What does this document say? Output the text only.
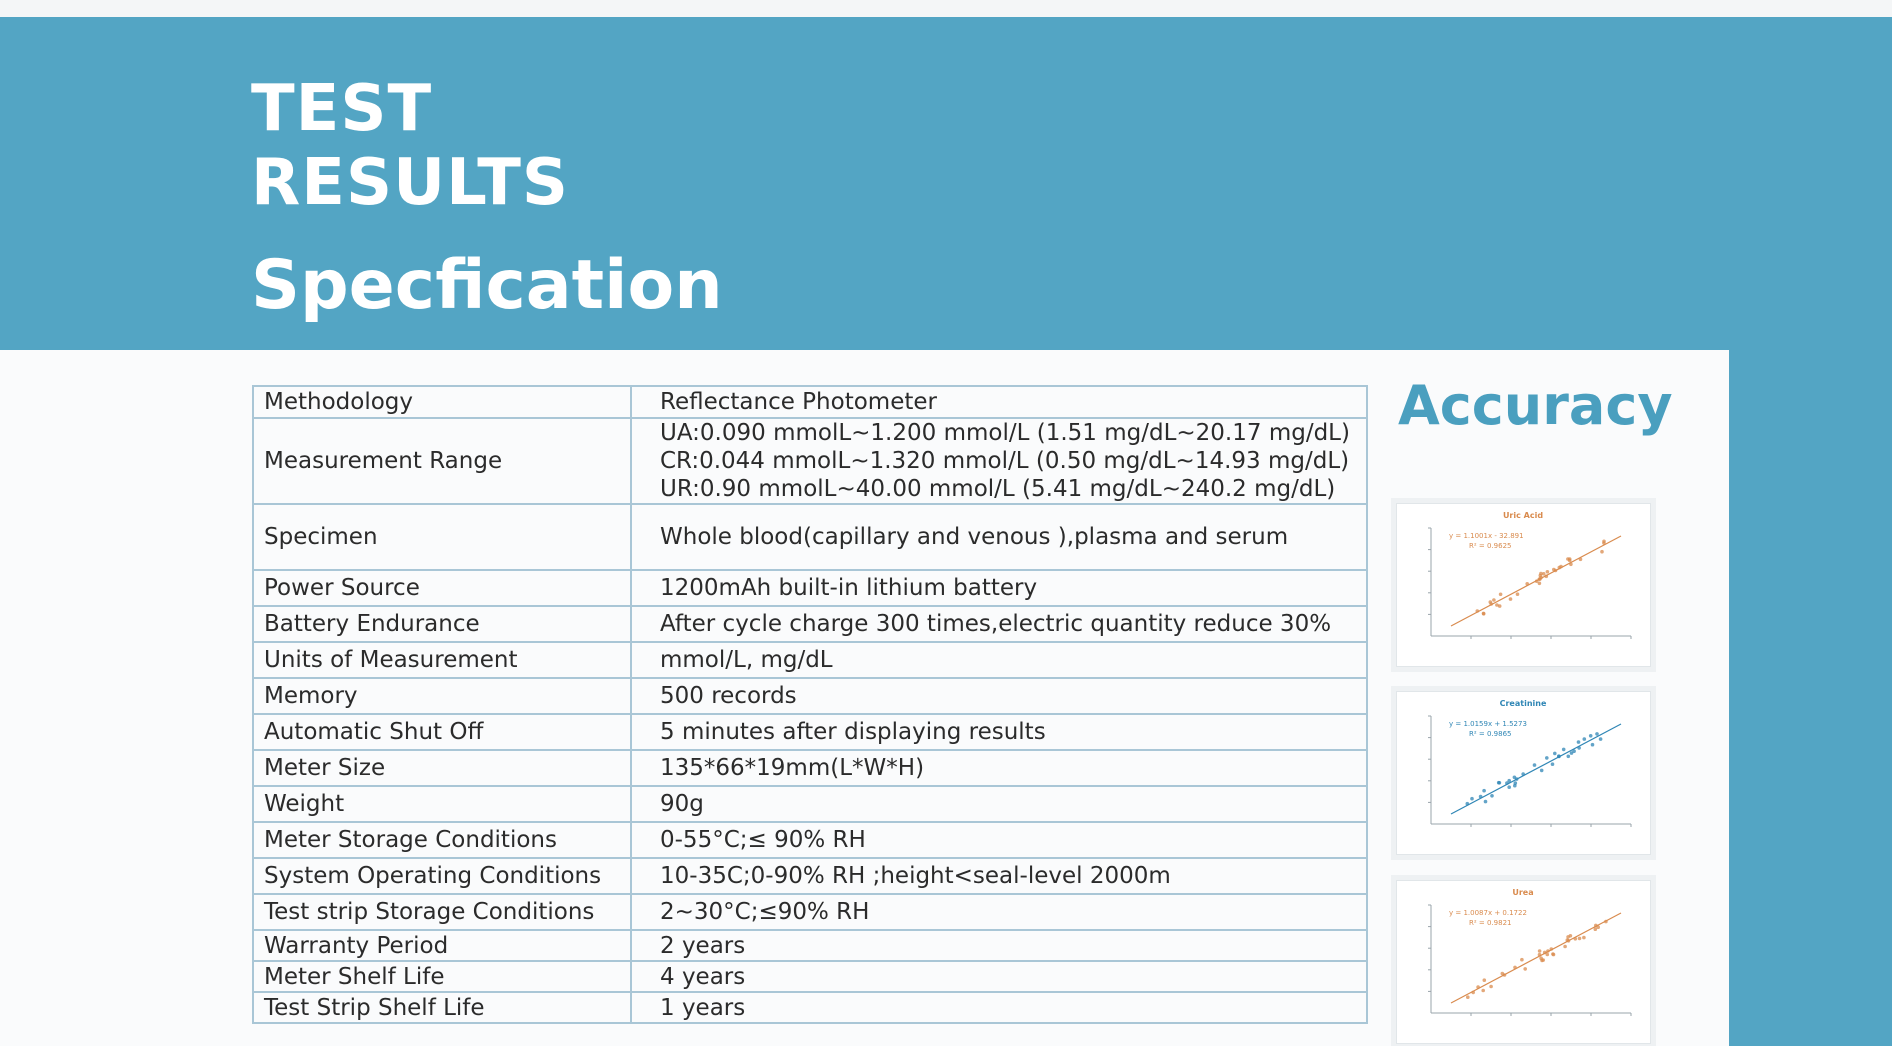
TEST
RESULTS
Specfication
Methodology	Reflectance Photometer

Measurement Range	UA:0.090 mmolL~1.200 mmol/L (1.51 mg/dL~20.17 mg/dL)
CR:0.044 mmolL~1.320 mmol/L (0.50 mg/dL~14.93 mg/dL)
UR:0.90 mmolL~40.00 mmol/L (5.41 mg/dL~240.2 mg/dL)

Specimen	Whole blood(capillary and venous ),plasma and serum

Power Source	1200mAh built-in lithium battery

Battery Endurance	After cycle charge 300 times,electric quantity reduce 30%

Units of Measurement	mmol/L, mg/dL

Memory	500 records

Automatic Shut Off	5 minutes after displaying results

Meter Size	135*66*19mm(L*W*H)

Weight	90g

Meter Storage Conditions	0-55°C;≤ 90% RH

System Operating Conditions	10-35C;0-90% RH ;height<seal-level 2000m

Test strip Storage Conditions	2~30°C;≤90% RH

Warranty Period	2 years

Meter Shelf Life	4 years

Test Strip Shelf Life	1 years
Accuracy
Uric Acid
y = 1.1001x - 32.891
R² = 0.9625
Creatinine
y = 1.0159x + 1.5273
R² = 0.9865
Urea
y = 1.0087x + 0.1722
R² = 0.9821
